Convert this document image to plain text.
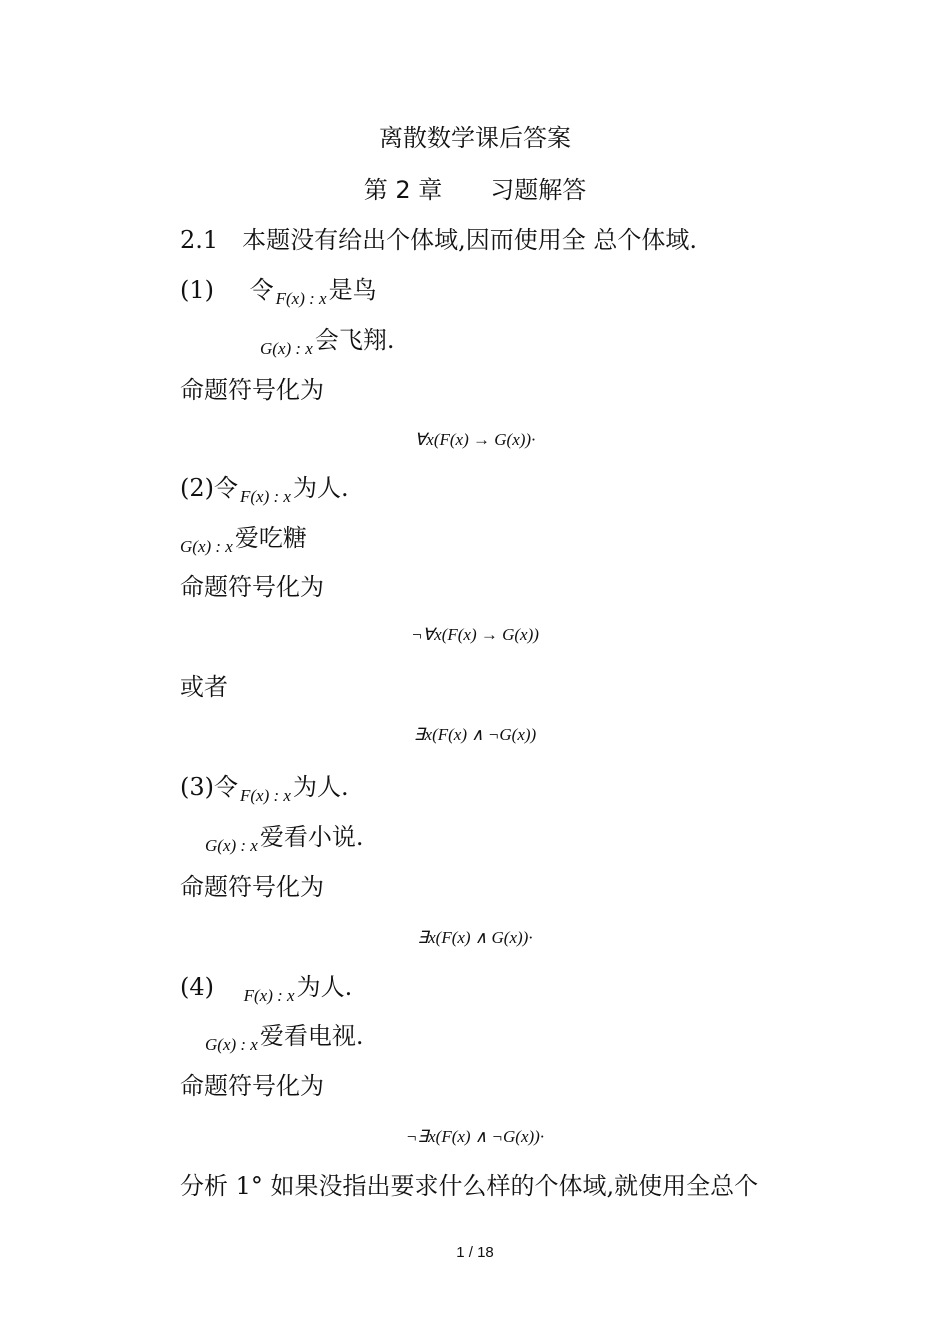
离散数学课后答案
第 2 章　　习题解答
2.1　本题没有给出个体域,因而使用全 总个体域.
(1) 令 $_{F(x) : x}$是鸟
$_{G(x) : x}$会飞翔.
命题符号化为
∀x(F(x) → G(x))·
(2)令 $_{F(x) : x}$为人.
$_{G(x) : x}$爱吃糖
命题符号化为
¬∀x(F(x) → G(x))
或者
∃x(F(x) ∧ ¬G(x))
(3)令 $_{F(x) : x}$为人.
$_{G(x) : x}$爱看小说.
命题符号化为
∃x(F(x) ∧ G(x))·
(4) $_{F(x) : x}$为人.
$_{G(x) : x}$爱看电视.
命题符号化为
¬∃x(F(x) ∧ ¬G(x))·
分析 1° 如果没指出要求什么样的个体域,就使用全总个
1 / 18
